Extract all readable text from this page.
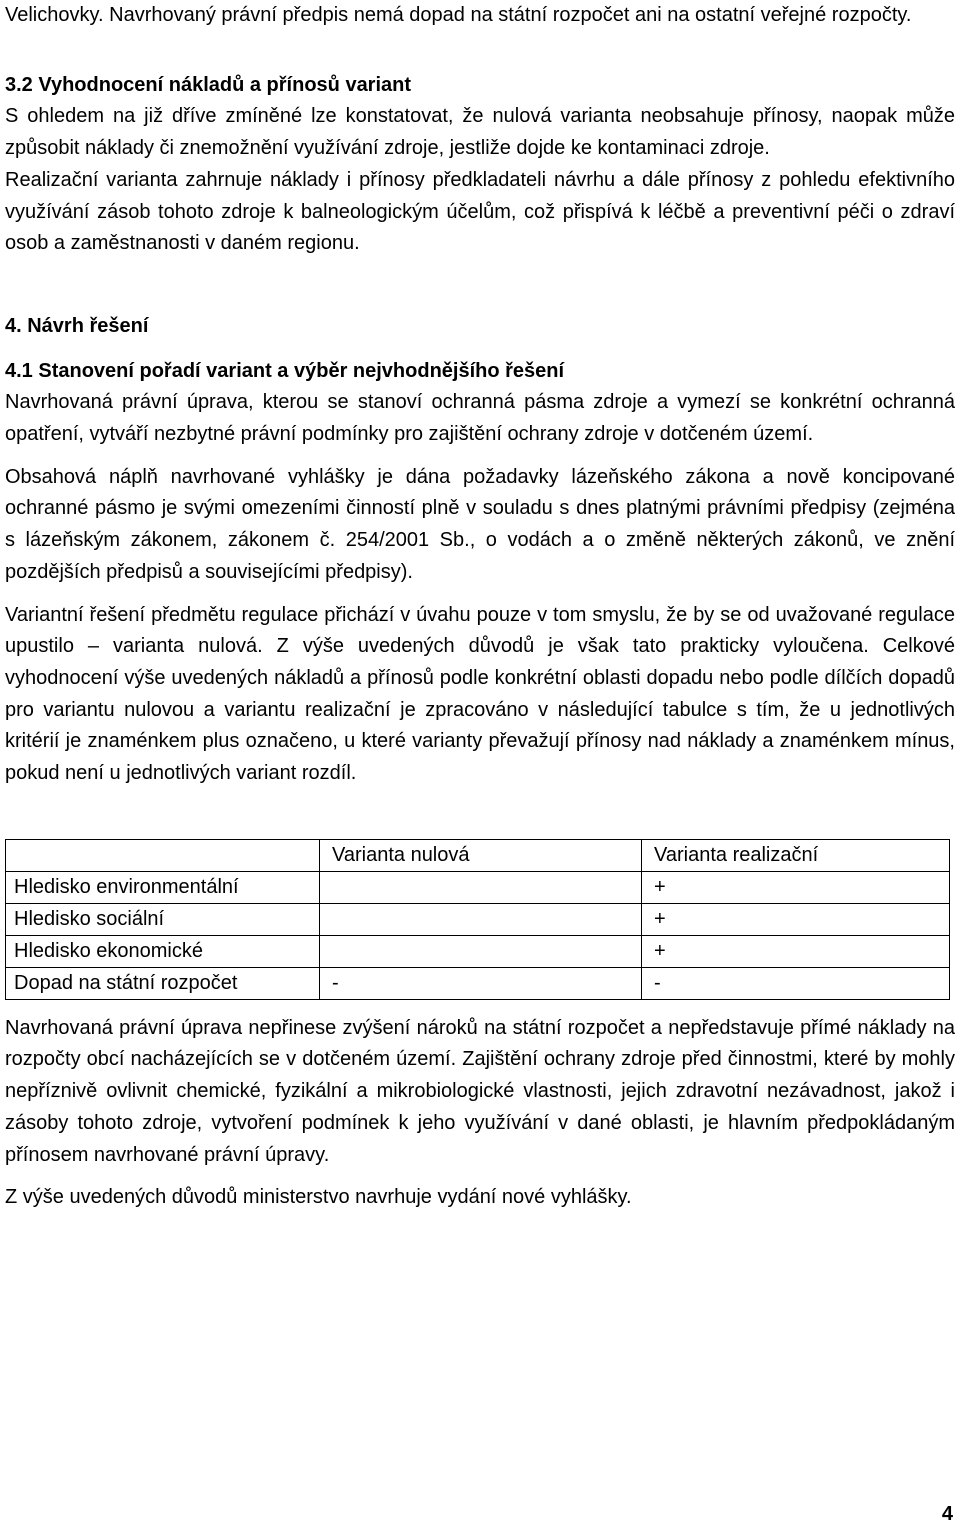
Velichovky. Navrhovaný právní předpis nemá dopad na státní rozpočet ani na ostatní veřejné rozpočty.

3.2 Vyhodnocení nákladů a přínosů variant

S ohledem na již dříve zmíněné lze konstatovat, že nulová varianta neobsahuje přínosy, naopak může způsobit náklady či znemožnění využívání zdroje, jestliže dojde ke kontaminaci zdroje.

Realizační varianta zahrnuje náklady i přínosy předkladateli návrhu a dále přínosy z pohledu efektivního využívání zásob tohoto zdroje k balneologickým účelům, což přispívá k léčbě a preventivní péči o zdraví osob a zaměstnanosti v daném regionu.

4. Návrh řešení

4.1 Stanovení pořadí variant a výběr nejvhodnějšího řešení

Navrhovaná právní úprava, kterou se stanoví ochranná pásma zdroje a vymezí se konkrétní ochranná opatření, vytváří nezbytné právní podmínky pro zajištění ochrany zdroje v dotčeném území.

Obsahová náplň navrhované vyhlášky je dána požadavky lázeňského zákona a nově koncipované ochranné pásmo je svými omezeními činností plně v souladu s dnes platnými právními předpisy (zejména s lázeňským zákonem, zákonem č. 254/2001 Sb., o vodách a o změně některých zákonů, ve znění pozdějších předpisů a souvisejícími předpisy).

Variantní řešení předmětu regulace přichází v úvahu pouze v tom smyslu, že by se od uvažované regulace upustilo – varianta nulová. Z výše uvedených důvodů je však tato prakticky vyloučena. Celkové vyhodnocení výše uvedených nákladů a přínosů podle konkrétní oblasti dopadu nebo podle dílčích dopadů pro variantu nulovou a variantu realizační je zpracováno v následující tabulce s tím, že u jednotlivých kritérií je znaménkem plus označeno, u které varianty převažují přínosy nad náklady a znaménkem mínus, pokud není u jednotlivých variant rozdíl.

	Varianta nulová	Varianta realizační
Hledisko environmentální		+
Hledisko sociální		+
Hledisko ekonomické		+
Dopad na státní rozpočet	-	-

Navrhovaná právní úprava nepřinese zvýšení nároků na státní rozpočet a nepředstavuje přímé náklady na rozpočty obcí nacházejících se v dotčeném území. Zajištění ochrany zdroje před činnostmi, které by mohly nepříznivě ovlivnit chemické, fyzikální a mikrobiologické vlastnosti, jejich zdravotní nezávadnost, jakož i zásoby tohoto zdroje, vytvoření podmínek k jeho využívání v dané oblasti, je hlavním předpokládaným přínosem navrhované právní úpravy.

Z výše uvedených důvodů ministerstvo navrhuje vydání nové vyhlášky.

4
